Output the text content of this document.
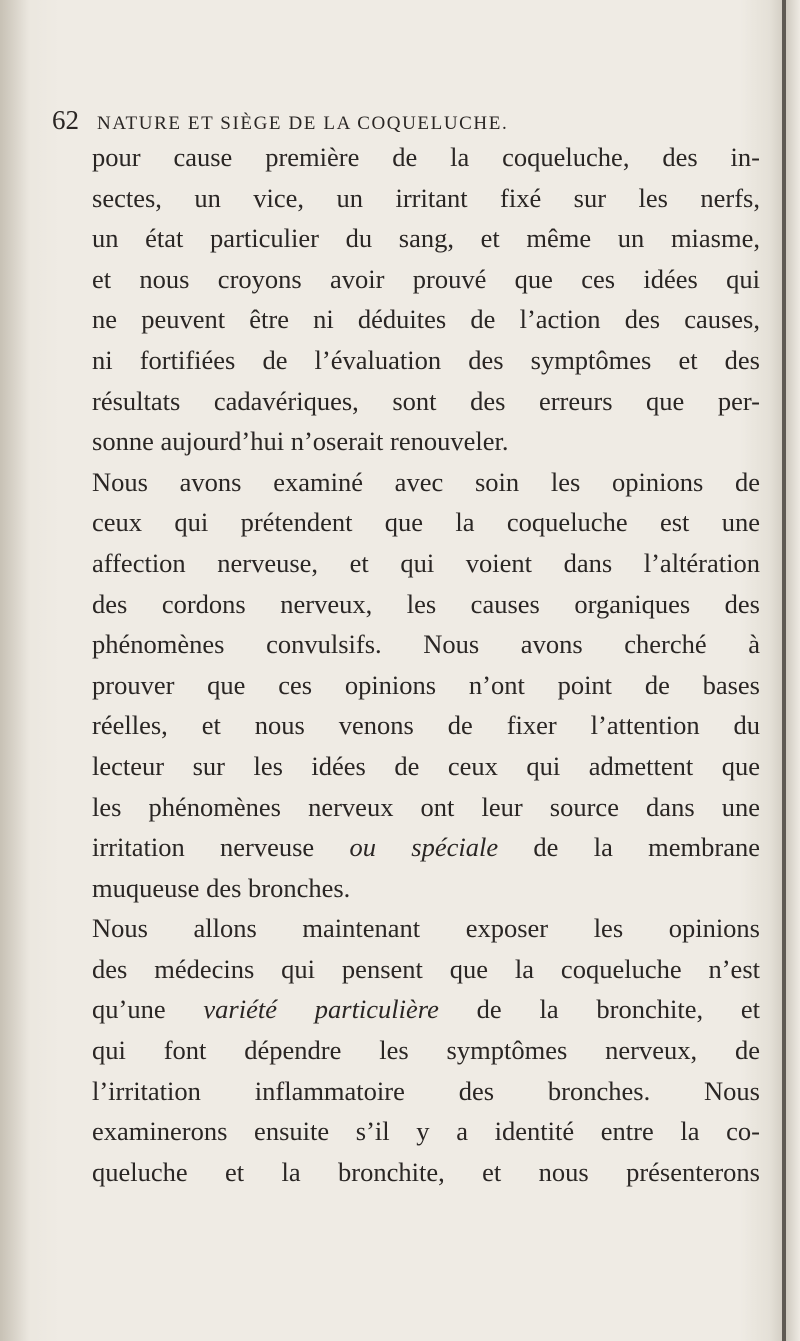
62 NATURE ET SIÈGE DE LA COQUELUCHE.
pour cause première de la coqueluche, des in-
sectes, un vice, un irritant fixé sur les nerfs,
un état particulier du sang, et même un miasme,
et nous croyons avoir prouvé que ces idées qui
ne peuvent être ni déduites de l’action des causes,
ni fortifiées de l’évaluation des symptômes et des
résultats cadavériques, sont des erreurs que per-
sonne aujourd’hui n’oserait renouveler.
Nous avons examiné avec soin les opinions de
ceux qui prétendent que la coqueluche est une
affection nerveuse, et qui voient dans l’altération
des cordons nerveux, les causes organiques des
phénomènes convulsifs. Nous avons cherché à
prouver que ces opinions n’ont point de bases
réelles, et nous venons de fixer l’attention du
lecteur sur les idées de ceux qui admettent que
les phénomènes nerveux ont leur source dans une
irritation nerveuse ou spéciale de la membrane
muqueuse des bronches.
Nous allons maintenant exposer les opinions
des médecins qui pensent que la coqueluche n’est
qu’une variété particulière de la bronchite, et
qui font dépendre les symptômes nerveux, de
l’irritation inflammatoire des bronches. Nous
examinerons ensuite s’il y a identité entre la co-
queluche et la bronchite, et nous présenterons
